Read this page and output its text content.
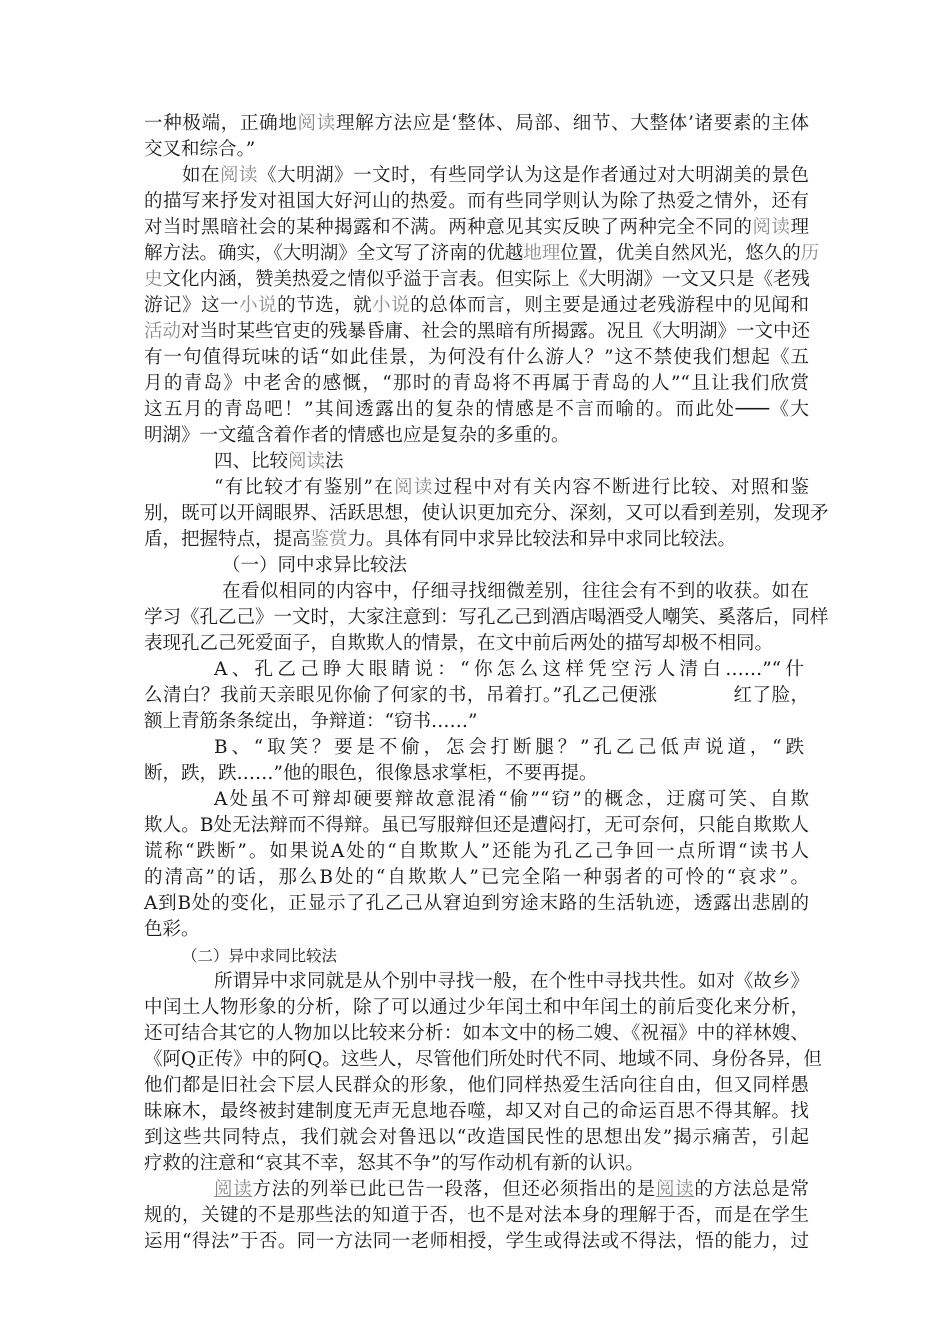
一种极端，正确地阅读理解方法应是‘整体、局部、细节、大整体’诸要素的主体
交叉和综合。”
如在阅读《大明湖》一文时，有些同学认为这是作者通过对大明湖美的景色
的描写来抒发对祖国大好河山的热爱。而有些同学则认为除了热爱之情外，还有
对当时黑暗社会的某种揭露和不满。两种意见其实反映了两种完全不同的阅读理
解方法。确实，《大明湖》全文写了济南的优越地理位置，优美自然风光，悠久的历
史文化内涵，赞美热爱之情似乎溢于言表。但实际上《大明湖》一文又只是《老残
游记》这一小说的节选，就小说的总体而言，则主要是通过老残游程中的见闻和
活动对当时某些官吏的残暴昏庸、社会的黑暗有所揭露。况且《大明湖》一文中还
有一句值得玩味的话“如此佳景，为何没有什么游人？”这不禁使我们想起《五
月的青岛》中老舍的感慨，“那时的青岛将不再属于青岛的人”“且让我们欣赏
这五月的青岛吧！”其间透露出的复杂的情感是不言而喻的。而此处───《大
明湖》一文蕴含着作者的情感也应是复杂的多重的。
四、比较阅读法
“有比较才有鉴别”在阅读过程中对有关内容不断进行比较、对照和鉴
别，既可以开阔眼界、活跃思想，使认识更加充分、深刻，又可以看到差别，发现矛
盾，把握特点，提高鉴赏力。具体有同中求异比较法和异中求同比较法。
（一）同中求异比较法
在看似相同的内容中，仔细寻找细微差别，往往会有不到的收获。如在
学习《孔乙己》一文时，大家注意到：写孔乙己到酒店喝酒受人嘲笑、奚落后，同样
表现孔乙己死爱面子，自欺欺人的情景，在文中前后两处的描写却极不相同。
A、孔乙己睁大眼睛说：“你怎么这样凭空污人清白……”“什
么清白？我前天亲眼见你偷了何家的书，吊着打。”孔乙己便涨　　　　红了脸，
额上青筋条条绽出，争辩道：“窃书……”
B、“取笑？要是不偷，怎会打断腿？”孔乙己低声说道，“跌
断，跌，跌……”他的眼色，很像恳求掌柜，不要再提。
A处虽不可辩却硬要辩故意混淆“偷”“窃”的概念，迂腐可笑、自欺
欺人。B处无法辩而不得辩。虽已写服辩但还是遭闷打，无可奈何，只能自欺欺人
谎称“跌断”。如果说A处的“自欺欺人”还能为孔乙己争回一点所谓“读书人
的清高”的话，那么B处的“自欺欺人”已完全陷一种弱者的可怜的“哀求”。
A到B处的变化，正显示了孔乙己从窘迫到穷途末路的生活轨迹，透露出悲剧的
色彩。
（二）异中求同比较法
所谓异中求同就是从个别中寻找一般，在个性中寻找共性。如对《故乡》
中闰土人物形象的分析，除了可以通过少年闰土和中年闰土的前后变化来分析，
还可结合其它的人物加以比较来分析：如本文中的杨二嫂、《祝福》中的祥林嫂、
《阿Q正传》中的阿Q。这些人，尽管他们所处时代不同、地域不同、身份各异，但
他们都是旧社会下层人民群众的形象，他们同样热爱生活向往自由，但又同样愚
昧麻木，最终被封建制度无声无息地吞噬，却又对自己的命运百思不得其解。找
到这些共同特点，我们就会对鲁迅以“改造国民性的思想出发”揭示痛苦，引起
疗救的注意和“哀其不幸，怒其不争”的写作动机有新的认识。
阅读方法的列举已此已告一段落，但还必须指出的是阅读的方法总是常
规的，关键的不是那些法的知道于否，也不是对法本身的理解于否，而是在学生
运用“得法”于否。同一方法同一老师相授，学生或得法或不得法，悟的能力，过
